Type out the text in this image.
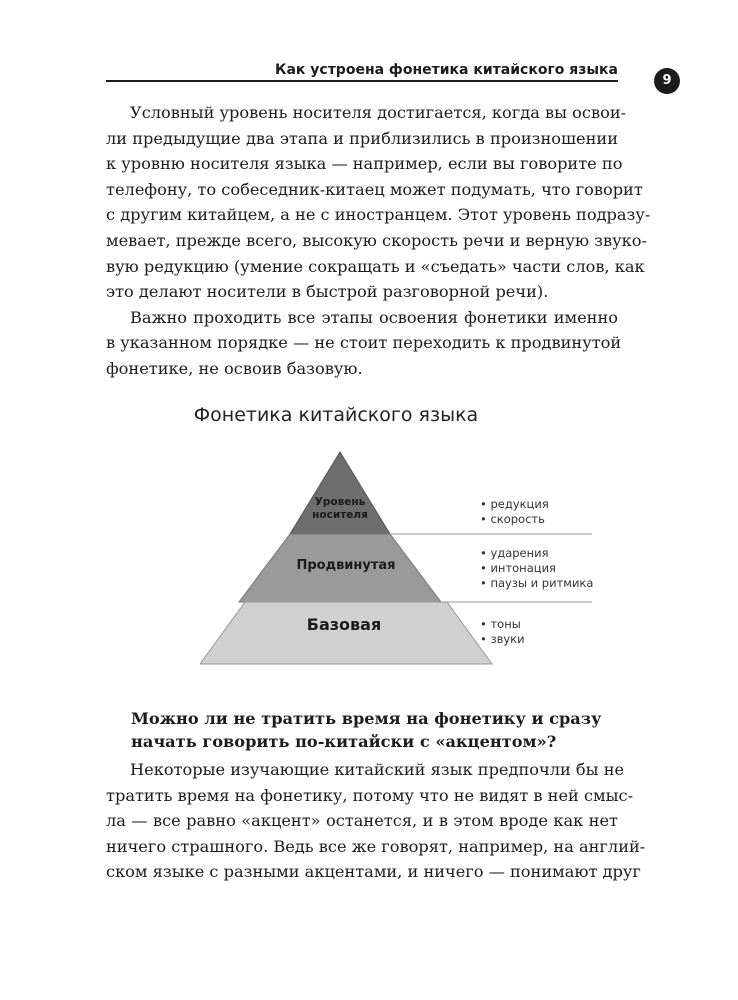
Как устроена фонетика китайского языка
9
Условный уровень носителя достигается, когда вы освои-
ли предыдущие два этапа и приблизились в произношении
к уровню носителя языка — например, если вы говорите по
телефону, то собеседник-китаец может подумать, что говорит
с другим китайцем, а не с иностранцем. Этот уровень подразу-
мевает, прежде всего, высокую скорость речи и верную звуко-
вую редукцию (умение сокращать и «съедать» части слов, как
это делают носители в быстрой разговорной речи).
Важно проходить все этапы освоения фонетики именно
в указанном порядке — не стоит переходить к продвинутой
фонетике, не освоив базовую.
Фонетика китайского языка
Уровень
носителя
Продвинутая
Базовая
• редукция
• скорость
• ударения
• интонация
• паузы и ритмика
• тоны
• звуки
Можно ли не тратить время на фонетику и сразу
начать говорить по-китайски с «акцентом»?
Некоторые изучающие китайский язык предпочли бы не
тратить время на фонетику, потому что не видят в ней смыс-
ла — все равно «акцент» останется, и в этом вроде как нет
ничего страшного. Ведь все же говорят, например, на англий-
ском языке с разными акцентами, и ничего — понимают друг
